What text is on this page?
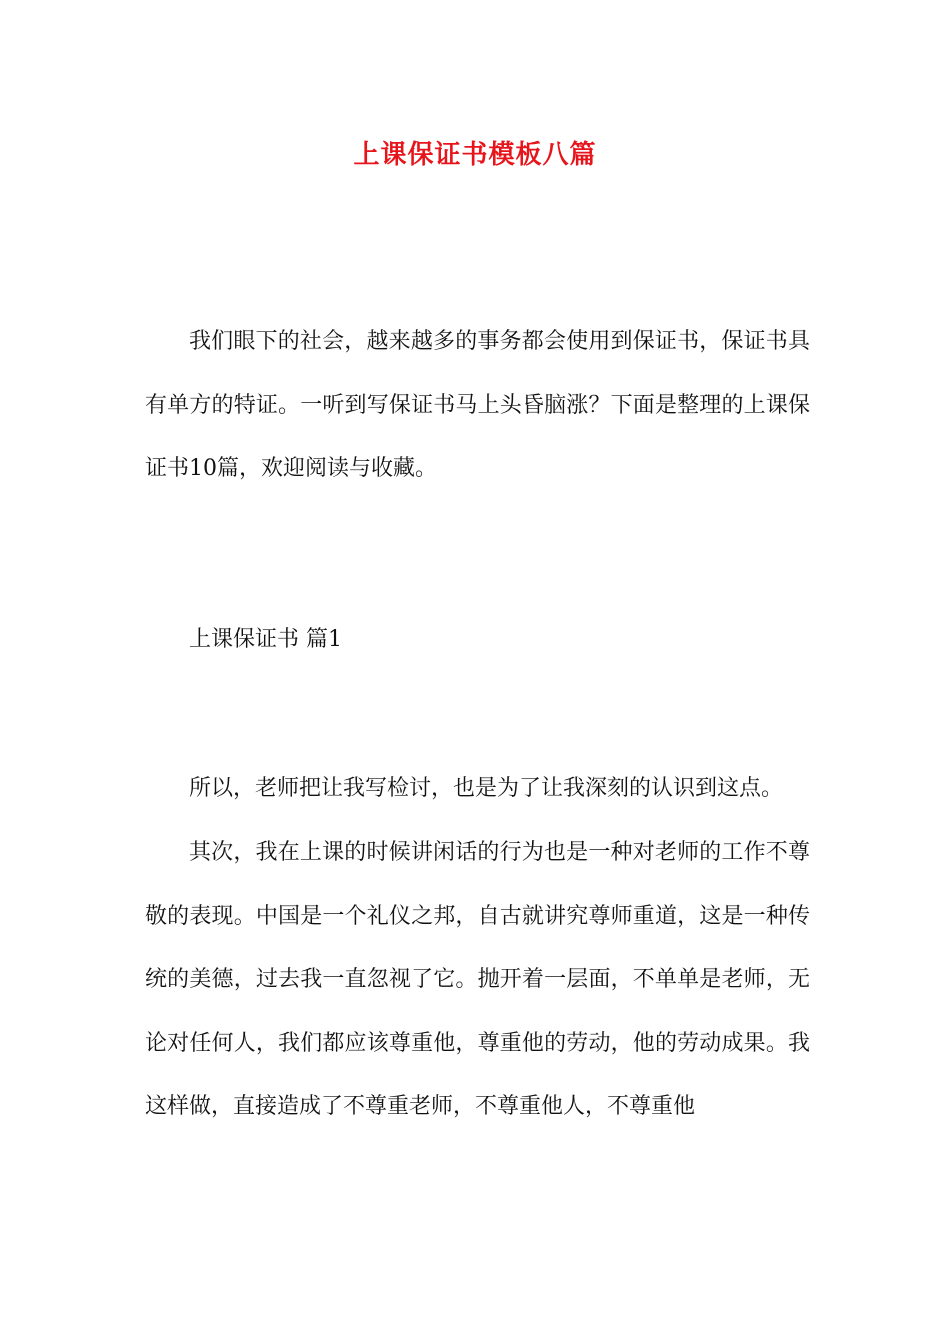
上课保证书模板八篇

我们眼下的社会，越来越多的事务都会使用到保证书，保证书具有单方的特证。一听到写保证书马上头昏脑涨？下面是整理的上课保证书10篇，欢迎阅读与收藏。

上课保证书 篇1

所以，老师把让我写检讨，也是为了让我深刻的认识到这点。

其次，我在上课的时候讲闲话的行为也是一种对老师的工作不尊敬的表现。中国是一个礼仪之邦，自古就讲究尊师重道，这是一种传统的美德，过去我一直忽视了它。抛开着一层面，不单单是老师，无论对任何人，我们都应该尊重他，尊重他的劳动，他的劳动成果。我这样做，直接造成了不尊重老师，不尊重他人，不尊重他
